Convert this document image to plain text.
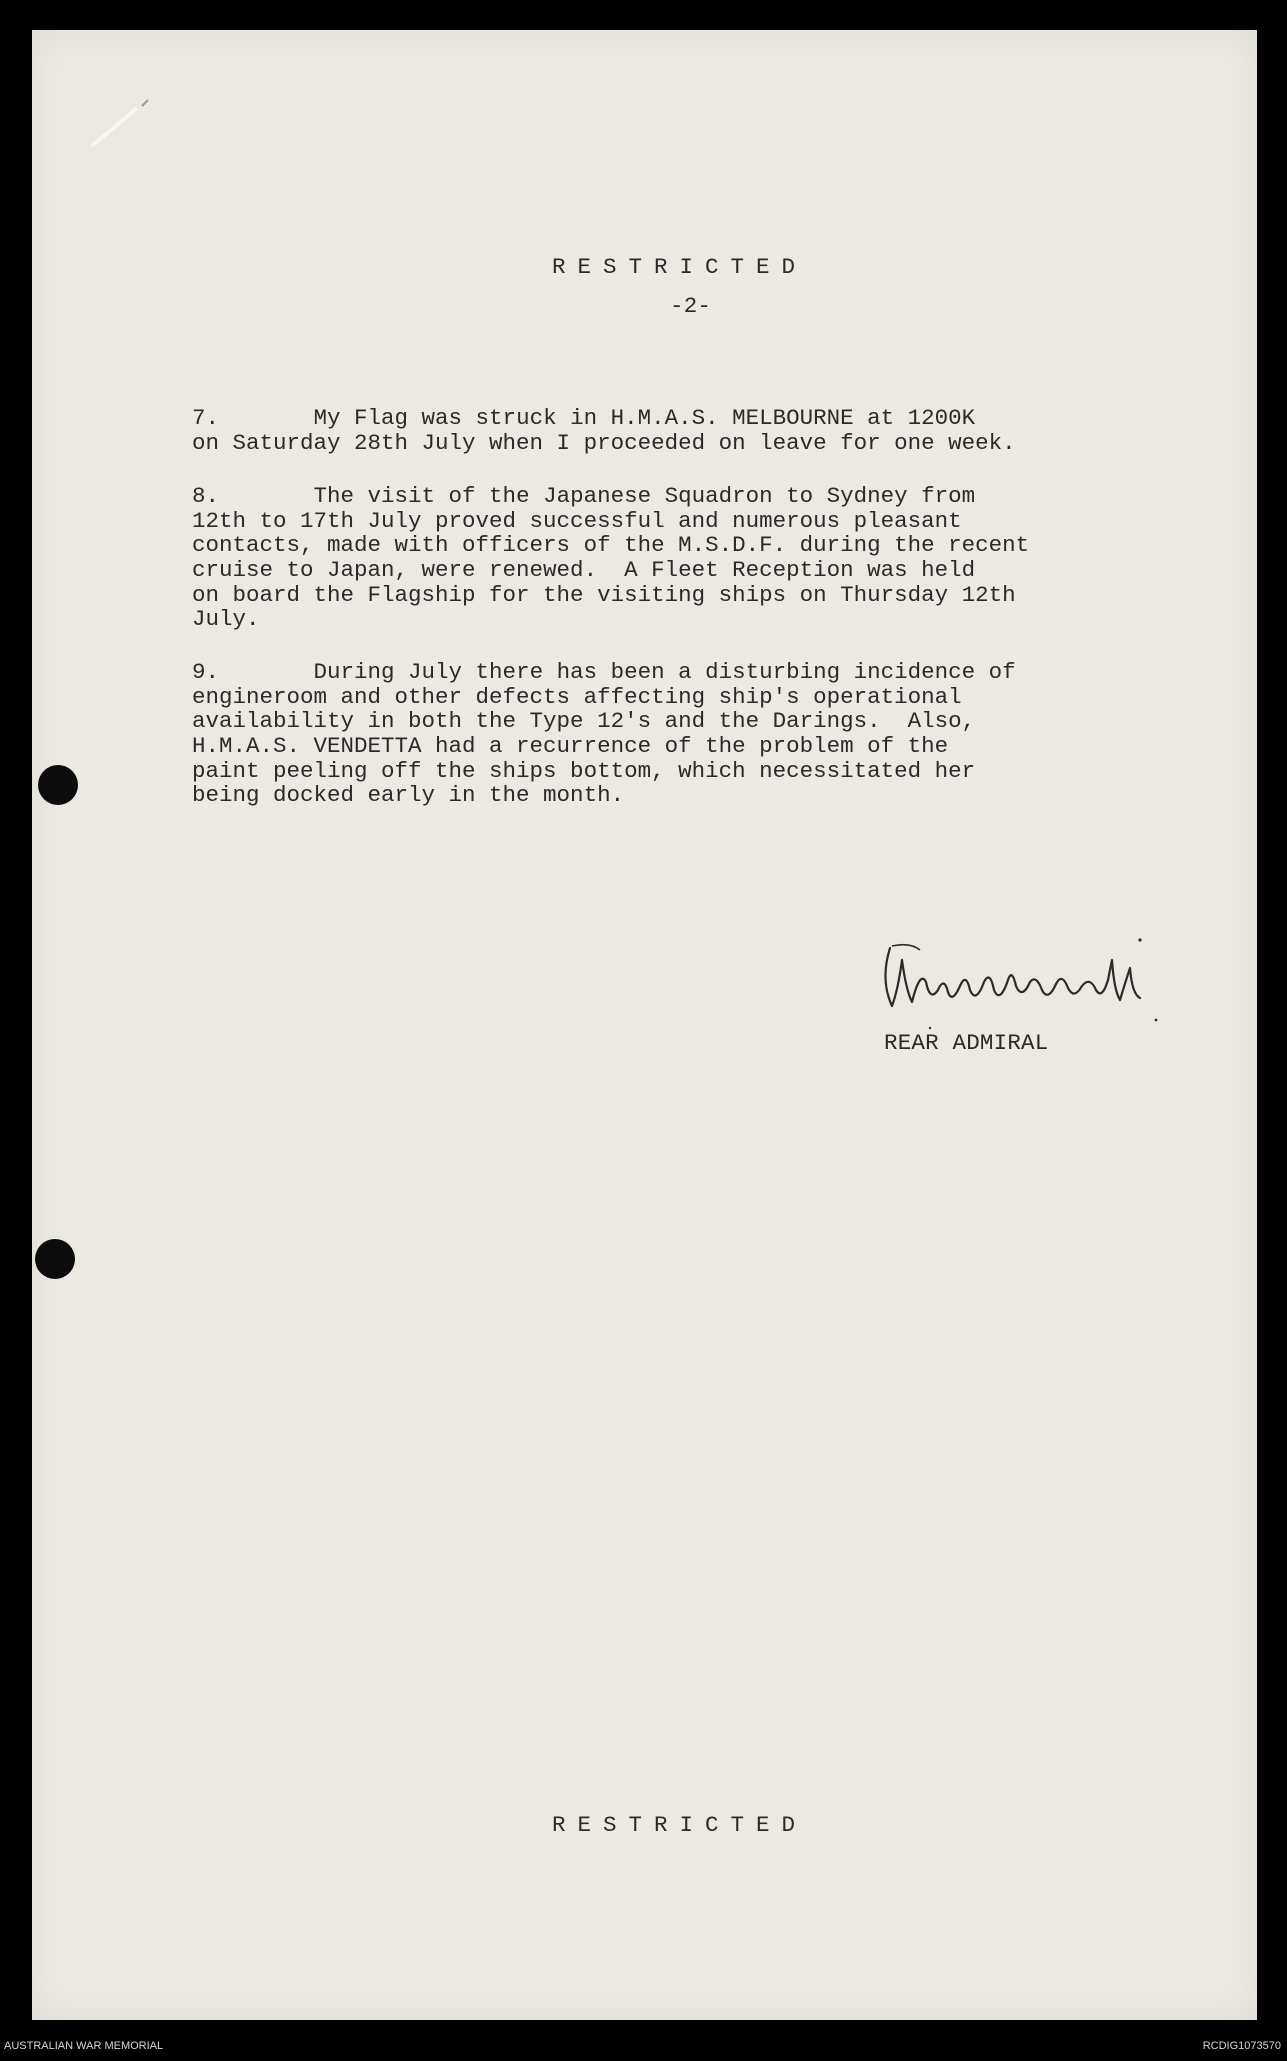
RESTRICTED
-2-
7.	My Flag was struck in H.M.A.S. MELBOURNE at 1200K
on Saturday 28th July when I proceeded on leave for one week.
8.	The visit of the Japanese Squadron to Sydney from
12th to 17th July proved successful and numerous pleasant
contacts, made with officers of the M.S.D.F. during the recent
cruise to Japan, were renewed.  A Fleet Reception was held
on board the Flagship for the visiting ships on Thursday 12th
July.
9.	During July there has been a disturbing incidence of
engineroom and other defects affecting ship's operational
availability in both the Type 12's and the Darings.  Also,
H.M.A.S. VENDETTA had a recurrence of the problem of the
paint peeling off the ships bottom, which necessitated her
being docked early in the month.
REAR ADMIRAL
RESTRICTED
AUSTRALIAN WAR MEMORIAL	RCDIG1073570
